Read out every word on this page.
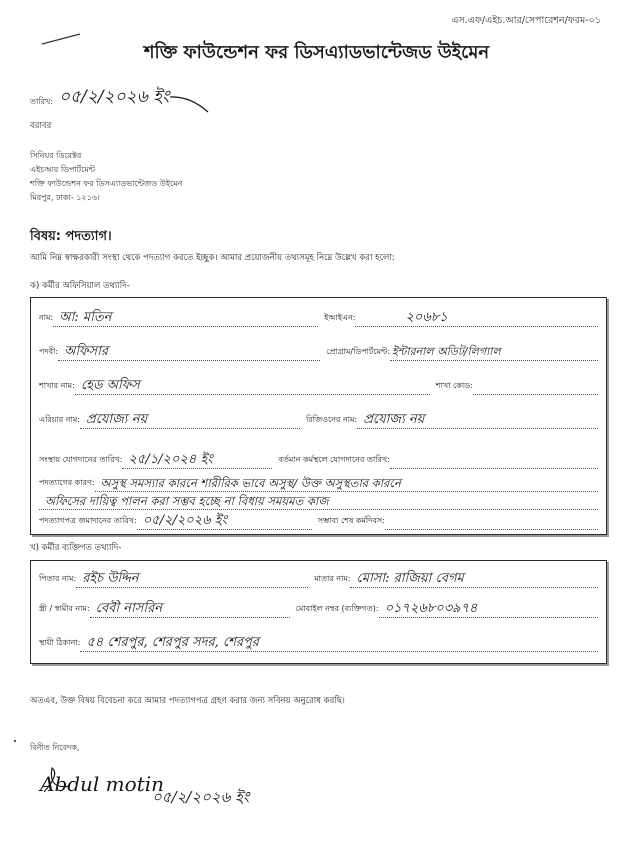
এস.এফ/এইচ.আর/সেপারেশন/ফরম-০১
শক্তি ফাউন্ডেশন ফর ডিসএ্যাডভান্টেজড উইমেন
তারিখ: ০৫/২/২০২৬ ইং
বরাবর
সিনিয়র ডিরেক্টর
এইচআর ডিপার্টমেন্ট
শক্তি ফাউন্ডেশন ফর ডিসএ্যাডভান্টেজড উইমেন
মিরপুর, ঢাকা- ১২১৬।
বিষয়: পদত্যাগ।
আমি নিম্ন স্বাক্ষরকারী সংস্থা থেকে পদত্যাগ করতে ইচ্ছুক। আমার প্রয়োজনীয় তথ্যসমূহ নিম্নে উল্লেখ করা হলো:
ক) কর্মীর অফিসিয়াল তথ্যাদি-
নাম: আ: মতিন	ইআইএন:	২০৬৮১
পদবী: অফিসার	প্রোগ্রাম/ডিপার্টমেন্ট: ইন্টারনাল অডিট/লিগ্যাল
শাখার নাম: হেড অফিস	শাখা কোড:
এরিয়ার নাম: প্রযোজ্য নয়	রিজিওনের নাম: প্রযোজ্য নয়
সংস্থায় যোগদানের তারিখ: ২৫/১/২০২৪ ইং	বর্তমান কর্মস্থলে যোগদানের তারিখ:
পদত্যাগের কারণ: অসুস্থ সমস্যার কারনে শারীরিক ভাবে অসুস্থ/ উক্ত অসুস্থতার কারনে
অফিসের দায়িত্ব পালন করা সম্ভব হচ্ছে না বিধায় সময়মত কাজ
পদত্যাগপত্র জমাদানের তারিখ: ০৫/২/২০২৬ ইং	সম্ভাব্য শেষ কর্মদিবস:
খ) কর্মীর ব্যক্তিগত তথ্যাদি-
পিতার নাম: রইচ উদ্দিন	মাতার নাম: মোসা: রাজিয়া বেগম
স্ত্রী / স্বামীর নাম: বেবী নাসরিন	মোবাইল নম্বর (ব্যক্তিগত): ০১৭২৬৮০৩৯৭৪
স্থায়ী ঠিকানা: ৫৪ শেরপুর, শেরপুর সদর, শেরপুর
অতএব, উক্ত বিষয় বিবেচনা করে আমার পদত্যাগপত্র গ্রহণ করার জন্য সবিনয় অনুরোধ করছি।
বিনীত নিবেদক,
Abdul motin
০৫/২/২০২৬ ইং
